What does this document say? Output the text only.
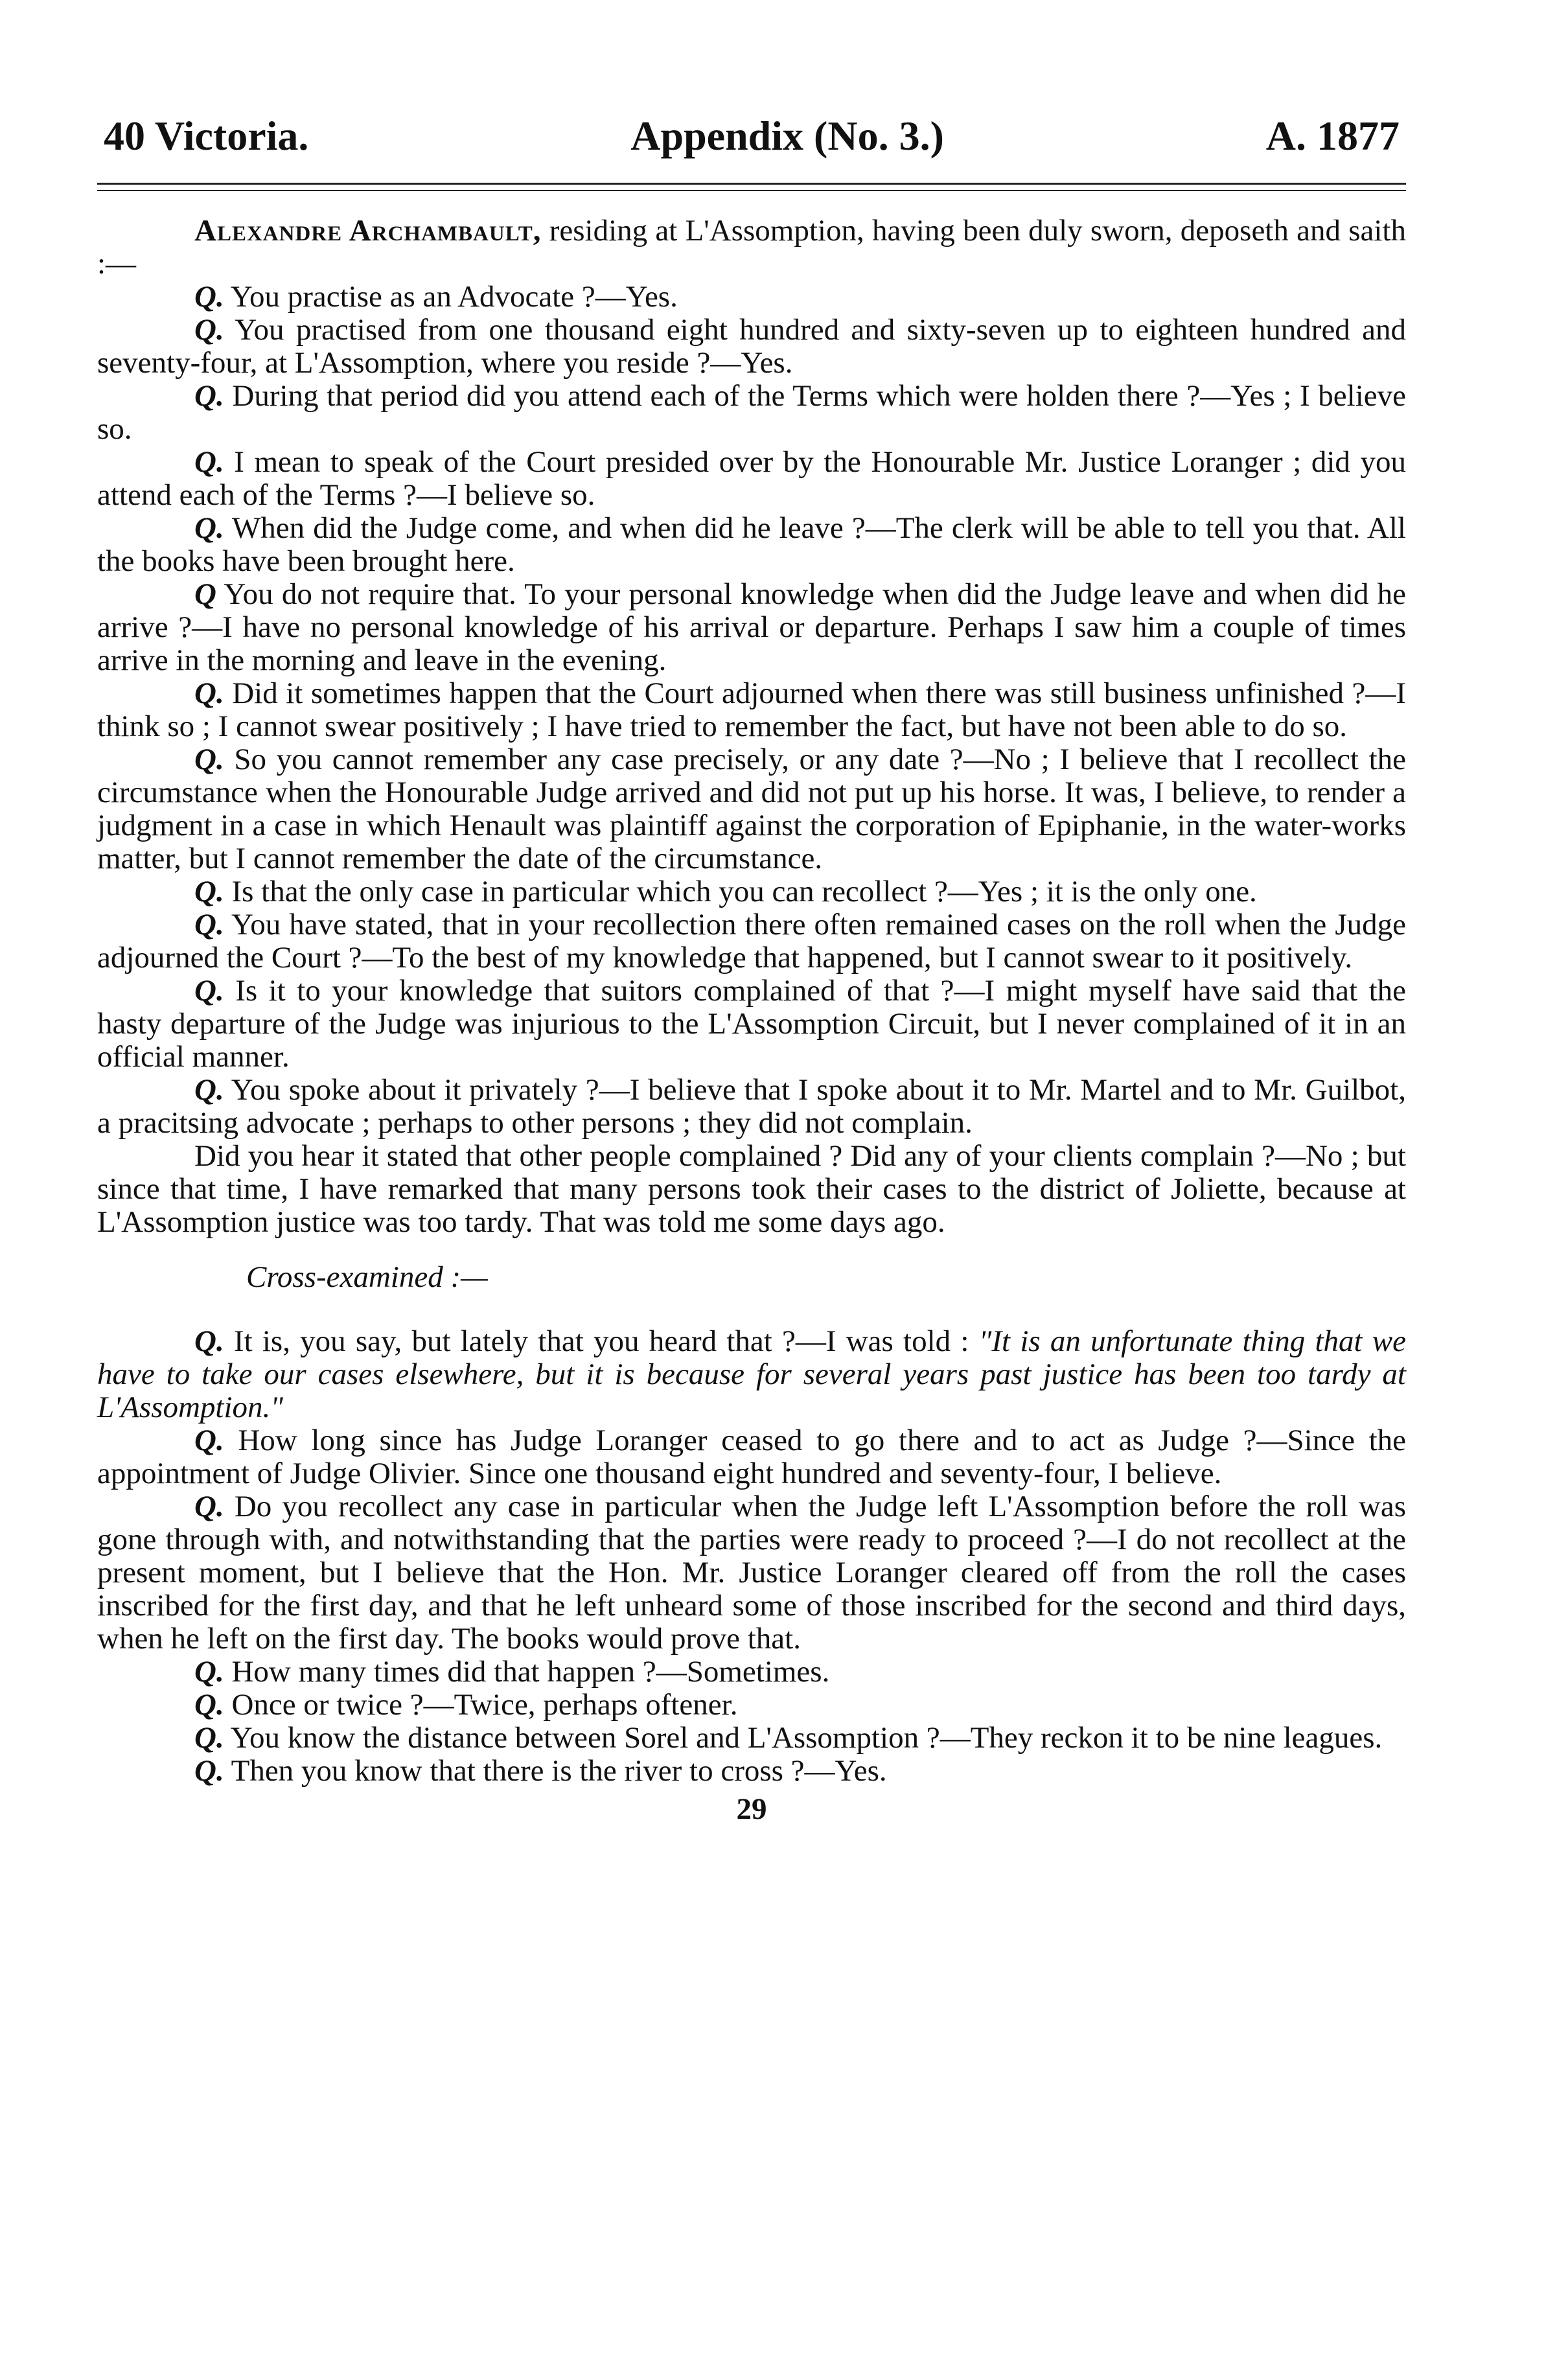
40 Victoria.	Appendix (No. 3.)	A. 1877

Alexandre Archambault, residing at L'Assomption, having been duly sworn, deposeth and saith :—

Q. You practise as an Advocate ?—Yes.

Q. You practised from one thousand eight hundred and sixty-seven up to eighteen hundred and seventy-four, at L'Assomption, where you reside ?—Yes.

Q. During that period did you attend each of the Terms which were holden there ?—Yes ; I believe so.

Q. I mean to speak of the Court presided over by the Honourable Mr. Justice Loranger ; did you attend each of the Terms ?—I believe so.

Q. When did the Judge come, and when did he leave ?—The clerk will be able to tell you that. All the books have been brought here.

Q You do not require that. To your personal knowledge when did the Judge leave and when did he arrive ?—I have no personal knowledge of his arrival or departure. Perhaps I saw him a couple of times arrive in the morning and leave in the evening.

Q. Did it sometimes happen that the Court adjourned when there was still business unfinished ?—I think so ; I cannot swear positively ; I have tried to remember the fact, but have not been able to do so.

Q. So you cannot remember any case precisely, or any date ?—No ; I believe that I recollect the circumstance when the Honourable Judge arrived and did not put up his horse. It was, I believe, to render a judgment in a case in which Henault was plaintiff against the corporation of Epiphanie, in the water-works matter, but I cannot remember the date of the circumstance.

Q. Is that the only case in particular which you can recollect ?—Yes ; it is the only one.

Q. You have stated, that in your recollection there often remained cases on the roll when the Judge adjourned the Court ?—To the best of my knowledge that happened, but I cannot swear to it positively.

Q. Is it to your knowledge that suitors complained of that ?—I might myself have said that the hasty departure of the Judge was injurious to the L'Assomption Circuit, but I never complained of it in an official manner.

Q. You spoke about it privately ?—I believe that I spoke about it to Mr. Martel and to Mr. Guilbot, a pracitsing advocate ; perhaps to other persons ; they did not complain.

Did you hear it stated that other people complained ? Did any of your clients complain ?—No ; but since that time, I have remarked that many persons took their cases to the district of Joliette, because at L'Assomption justice was too tardy. That was told me some days ago.

Cross-examined :—

Q. It is, you say, but lately that you heard that ?—I was told : "It is an unfortunate thing that we have to take our cases elsewhere, but it is because for several years past justice has been too tardy at L'Assomption."

Q. How long since has Judge Loranger ceased to go there and to act as Judge ?—Since the appointment of Judge Olivier. Since one thousand eight hundred and seventy-four, I believe.

Q. Do you recollect any case in particular when the Judge left L'Assomption before the roll was gone through with, and notwithstanding that the parties were ready to proceed ?—I do not recollect at the present moment, but I believe that the Hon. Mr. Justice Loranger cleared off from the roll the cases inscribed for the first day, and that he left unheard some of those inscribed for the second and third days, when he left on the first day. The books would prove that.

Q. How many times did that happen ?—Sometimes.

Q. Once or twice ?—Twice, perhaps oftener.

Q. You know the distance between Sorel and L'Assomption ?—They reckon it to be nine leagues.

Q. Then you know that there is the river to cross ?—Yes.

29
